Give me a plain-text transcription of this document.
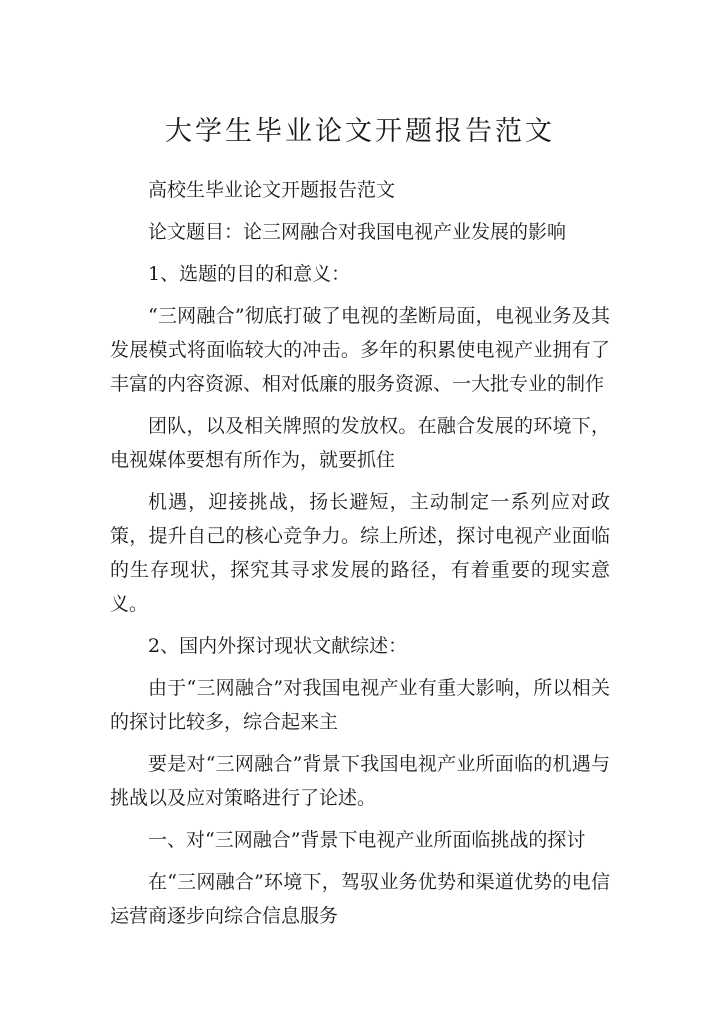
大学生毕业论文开题报告范文

高校生毕业论文开题报告范文

论文题目：论三网融合对我国电视产业发展的影响

1、选题的目的和意义：

“三网融合”彻底打破了电视的垄断局面，电视业务及其发展模式将面临较大的冲击。多年的积累使电视产业拥有了丰富的内容资源、相对低廉的服务资源、一大批专业的制作

团队，以及相关牌照的发放权。在融合发展的环境下，电视媒体要想有所作为，就要抓住

机遇，迎接挑战，扬长避短，主动制定一系列应对政策，提升自己的核心竞争力。综上所述，探讨电视产业面临的生存现状，探究其寻求发展的路径，有着重要的现实意义。

2、国内外探讨现状文献综述：

由于“三网融合”对我国电视产业有重大影响，所以相关的探讨比较多，综合起来主

要是对“三网融合”背景下我国电视产业所面临的机遇与挑战以及应对策略进行了论述。

一、对“三网融合”背景下电视产业所面临挑战的探讨

在“三网融合”环境下，驾驭业务优势和渠道优势的电信运营商逐步向综合信息服务
